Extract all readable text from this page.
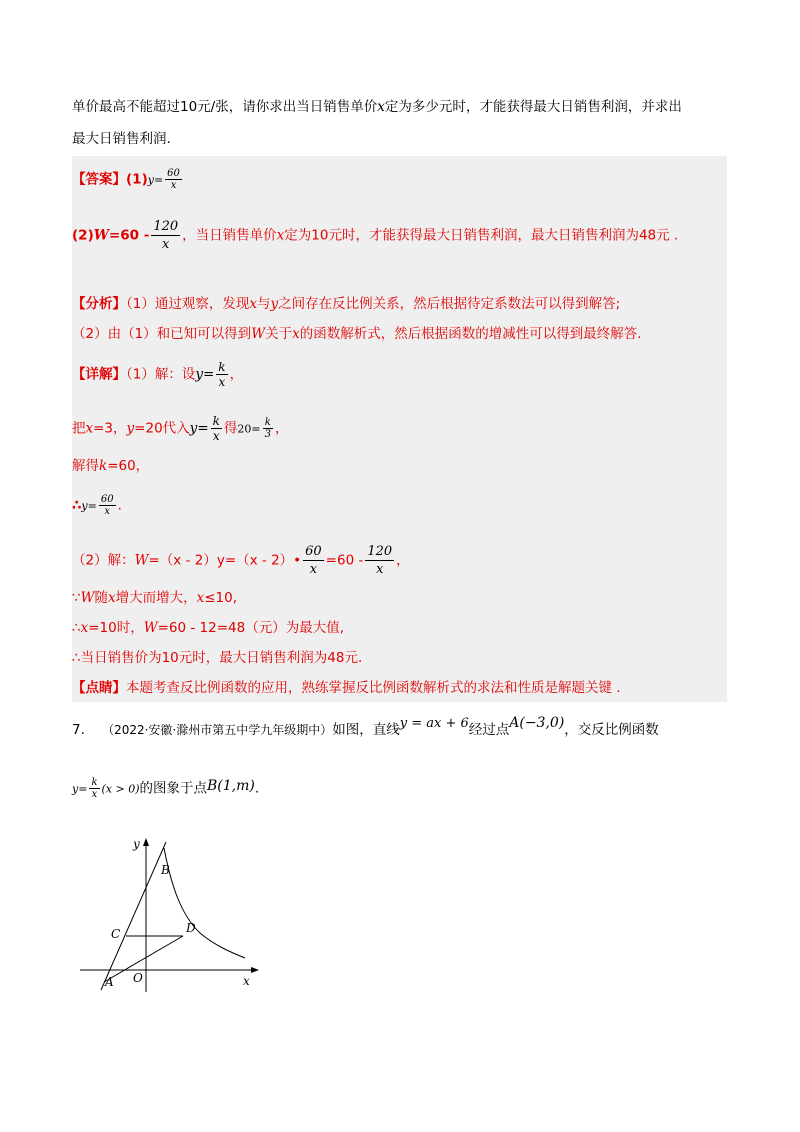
单价最高不能超过10元/张，请你求出当日销售单价x定为多少元时，才能获得最大日销售利润，并求出
最大日销售利润.
【答案】$(1)y= \frac{60}{x}$
$(2)W=60 - \frac{120}{x}$ ，当日销售单价x定为10元时，才能获得最大日销售利润，最大日销售利润为48元 .
【分析】（1）通过观察，发现x与y之间存在反比例关系，然后根据待定系数法可以得到解答;
（2）由（1）和已知可以得到W关于x的函数解析式，然后根据函数的增减性可以得到最终解答.
【详解】（1）解：设$y= \frac{k}{x}$ ，
把x=3，y=20代入$y= \frac{k}{x}$ 得$20= \frac{k}{3}$ ，
解得k=60，
∴y= $\frac{60}{x}$ .
（2）解：W=（x - 2）y=（x - 2）• $\frac{60}{x} =60 - \frac{120}{x}$ ，
∵W随x增大而增大，x≤10,
∴x=10时，W=60 - 12=48（元）为最大值,
∴当日销售价为10元时，最大日销售利润为48元.
【点睛】本题考查反比例函数的应用，熟练掌握反比例函数解析式的求法和性质是解题关键 .
7. （2022·安徽·滁州市第五中学九年级期中）如图，直线y = ax + 6经过点A(−3,0)，交反比例函数
$y= \frac{k}{x} (x > 0)$的图象于点B(1,m).
y
x
B
C	D
O
A
